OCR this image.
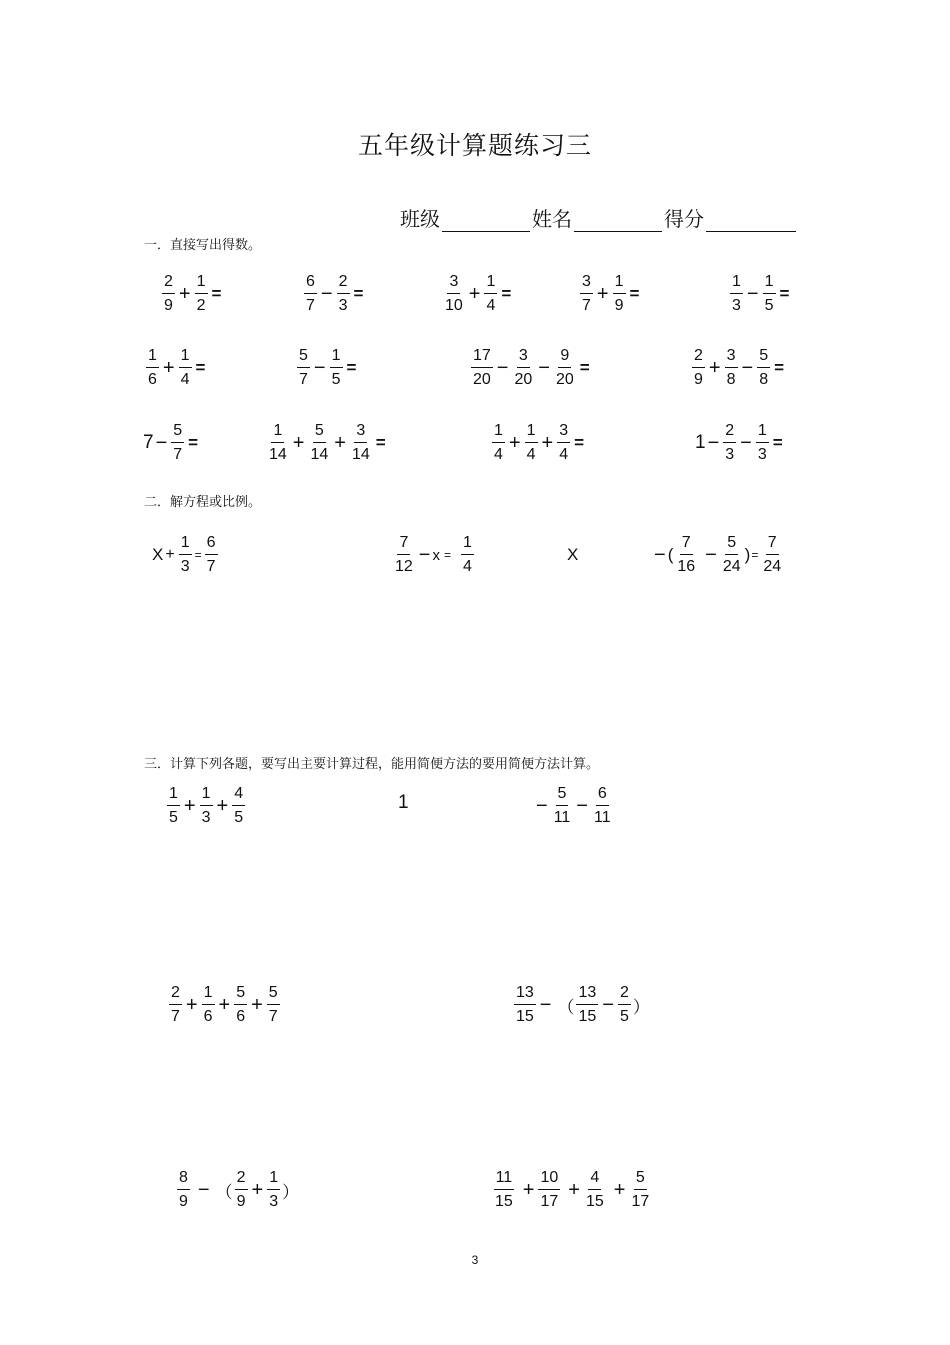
五年级计算题练习三
班级	姓名	得分
一．直接写出得数。
$\frac{2}{9} + \frac{1}{2}$ =	$\frac{6}{7} - \frac{2}{3}$ =	$\frac{3}{10} + \frac{1}{4}$ =	$\frac{3}{7} + \frac{1}{9}$ =	$\frac{1}{3} - \frac{1}{5}$ =
$\frac{1}{6} + \frac{1}{4}$ =	$\frac{5}{7} - \frac{1}{5}$ =	$\frac{17}{20} - \frac{3}{20} - \frac{9}{20}$ =	$\frac{2}{9} + \frac{3}{8} - \frac{5}{8}$ =
$7 - \frac{5}{7}$ =	$\frac{1}{14} + \frac{5}{14} + \frac{3}{14}$ =	$\frac{1}{4} + \frac{1}{4} + \frac{3}{4}$ =	$1 - \frac{2}{3} - \frac{1}{3}$ =
二．解方程或比例。
$X + \frac{1}{3} = \frac{6}{7}$	$\frac{7}{12} - x = \frac{1}{4}$	X	− ( $\frac{7}{16} - \frac{5}{24}$ ) = $\frac{7}{24}$
三．计算下列各题，要写出主要计算过程，能用简便方法的要用简便方法计算。
$\frac{1}{5} + \frac{1}{3} + \frac{4}{5}$	1	− $\frac{5}{11} - \frac{6}{11}$
$\frac{2}{7} + \frac{1}{6} + \frac{5}{6} + \frac{5}{7}$	$\frac{13}{15}$ − （ $\frac{13}{15} - \frac{2}{5}$ ）
$\frac{8}{9}$ − （ $\frac{2}{9} + \frac{1}{3}$ ）	$\frac{11}{15} + \frac{10}{17} + \frac{4}{15} + \frac{5}{17}$
3
